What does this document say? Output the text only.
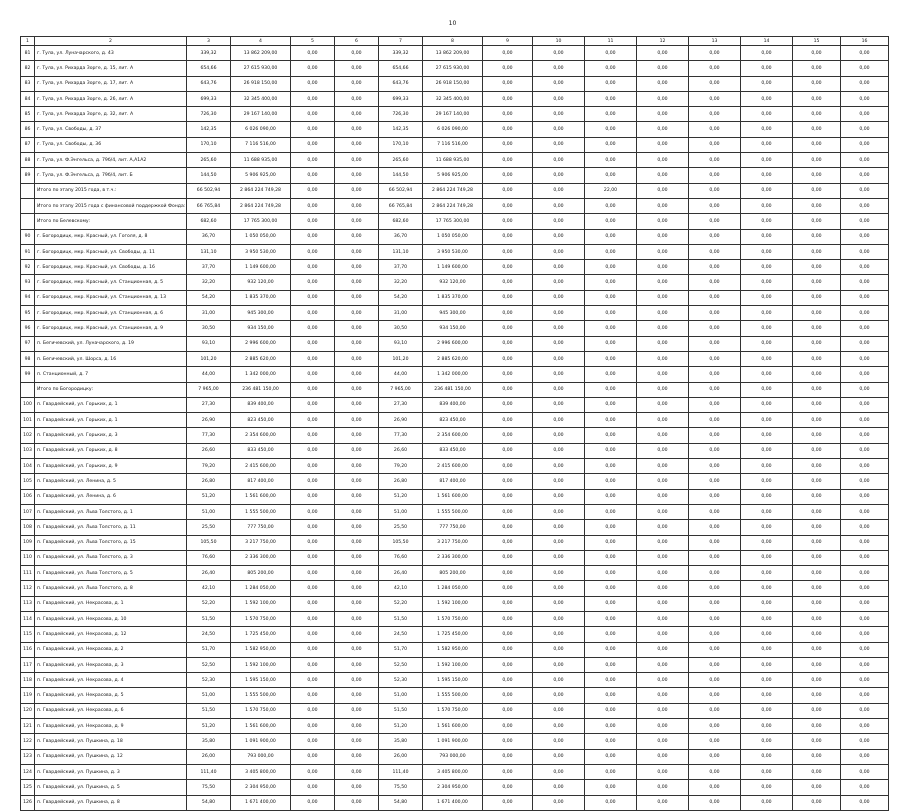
10
1	2	3	4	5	6	7	8	9	10	11	12	13	14	15	16
81	г. Тула, ул. Луначарского, д. 43	339,32	13 862 209,00	0,00	0,00	339,32	13 862 209,00	0,00	0,00	0,00	0,00	0,00	0,00	0,00	0,00
82	г. Тула, ул. Рихарда Зорге, д. 15, лит. А	654,66	27 615 930,00	0,00	0,00	654,66	27 615 930,00	0,00	0,00	0,00	0,00	0,00	0,00	0,00	0,00
83	г. Тула, ул. Рихарда Зорге, д. 17, лит. А	643,76	26 918 150,00	0,00	0,00	643,76	26 918 150,00	0,00	0,00	0,00	0,00	0,00	0,00	0,00	0,00
84	г. Тула, ул. Рихарда Зорге, д. 26, лит. А	699,33	32 345 400,00	0,00	0,00	699,33	32 345 400,00	0,00	0,00	0,00	0,00	0,00	0,00	0,00	0,00
85	г. Тула, ул. Рихарда Зорге, д. 32, лит. А	726,30	29 167 140,00	0,00	0,00	726,30	29 167 140,00	0,00	0,00	0,00	0,00	0,00	0,00	0,00	0,00
86	г. Тула, ул. Свободы, д. 37	142,35	6 026 090,00	0,00	0,00	142,35	6 026 090,00	0,00	0,00	0,00	0,00	0,00	0,00	0,00	0,00
87	г. Тула, ул. Свободы, д. 36	170,10	7 116 516,00	0,00	0,00	170,10	7 116 516,00	0,00	0,00	0,00	0,00	0,00	0,00	0,00	0,00
88	г. Тула, ул. Ф.Энгельса, д. 79б/4, лит. А,А1А2	265,60	11 688 935,00	0,00	0,00	265,60	11 688 935,00	0,00	0,00	0,00	0,00	0,00	0,00	0,00	0,00
89	г. Тула, ул. Ф.Энгельса, д. 79б/4, лит. Б	144,50	5 906 925,00	0,00	0,00	144,50	5 906 925,00	0,00	0,00	0,00	0,00	0,00	0,00	0,00	0,00
	Итого по этапу 2015 года, в т.ч.:	66 502,94	2 864 224 749,28	0,00	0,00	66 502,94	2 864 224 749,28	0,00	0,00	22,00	0,00	0,00	0,00	0,00	0,00
	Итого по этапу 2015 года с финансовой поддержкой Фонда:	66 765,84	2 864 224 749,28	0,00	0,00	66 765,84	2 864 224 749,28	0,00	0,00	0,00	0,00	0,00	0,00	0,00	0,00
	Итого по Белевскому:	682,60	17 765 300,00	0,00	0,00	682,60	17 765 300,00	0,00	0,00	0,00	0,00	0,00	0,00	0,00	0,00
90	г. Богородицк, мкр. Красный, ул. Гоголя, д. 8	36,70	1 050 050,00	0,00	0,00	36,70	1 050 050,00	0,00	0,00	0,00	0,00	0,00	0,00	0,00	0,00
91	г. Богородицк, мкр. Красный, ул. Свободы, д. 11	131,10	3 950 530,00	0,00	0,00	131,10	3 950 530,00	0,00	0,00	0,00	0,00	0,00	0,00	0,00	0,00
92	г. Богородицк, мкр. Красный, ул. Свободы, д. 16	37,70	1 149 600,00	0,00	0,00	37,70	1 149 600,00	0,00	0,00	0,00	0,00	0,00	0,00	0,00	0,00
93	г. Богородицк, мкр. Красный, ул. Станционная, д. 5	32,20	932 120,00	0,00	0,00	32,20	932 120,00	0,00	0,00	0,00	0,00	0,00	0,00	0,00	0,00
94	г. Богородицк, мкр. Красный, ул. Станционная, д. 13	54,20	1 835 370,00	0,00	0,00	54,20	1 835 370,00	0,00	0,00	0,00	0,00	0,00	0,00	0,00	0,00
95	г. Богородицк, мкр. Красный, ул. Станционная, д. 6	31,00	945 300,00	0,00	0,00	31,00	945 300,00	0,00	0,00	0,00	0,00	0,00	0,00	0,00	0,00
96	г. Богородицк, мкр. Красный, ул. Станционная, д. 9	30,50	934 150,00	0,00	0,00	30,50	934 150,00	0,00	0,00	0,00	0,00	0,00	0,00	0,00	0,00
97	п. Бегичевский, ул. Луначарского, д. 19	93,10	2 996 600,00	0,00	0,00	93,10	2 996 600,00	0,00	0,00	0,00	0,00	0,00	0,00	0,00	0,00
98	п. Бегичевский, ул. Шорса, д. 16	101,20	2 885 620,00	0,00	0,00	101,20	2 885 620,00	0,00	0,00	0,00	0,00	0,00	0,00	0,00	0,00
99	п. Станционный, д. 7	44,00	1 342 000,00	0,00	0,00	44,00	1 342 000,00	0,00	0,00	0,00	0,00	0,00	0,00	0,00	0,00
	Итого по Богородицку:	7 965,00	236 481 150,00	0,00	0,00	7 965,00	236 481 150,00	0,00	0,00	0,00	0,00	0,00	0,00	0,00	0,00
100	п. Гвардейский, ул. Горьких, д. 1	27,30	839 400,00	0,00	0,00	27,30	839 400,00	0,00	0,00	0,00	0,00	0,00	0,00	0,00	0,00
101	п. Гвардейский, ул. Горьких, д. 1	26,90	823 450,00	0,00	0,00	26,90	823 450,00	0,00	0,00	0,00	0,00	0,00	0,00	0,00	0,00
102	п. Гвардейский, ул. Горьких, д. 3	77,30	2 354 600,00	0,00	0,00	77,30	2 354 600,00	0,00	0,00	0,00	0,00	0,00	0,00	0,00	0,00
103	п. Гвардейский, ул. Горьких, д. 8	26,60	833 450,00	0,00	0,00	26,60	833 450,00	0,00	0,00	0,00	0,00	0,00	0,00	0,00	0,00
104	п. Гвардейский, ул. Горьких, д. 9	79,20	2 415 600,00	0,00	0,00	79,20	2 415 600,00	0,00	0,00	0,00	0,00	0,00	0,00	0,00	0,00
105	п. Гвардейский, ул. Ленина, д. 5	26,80	817 400,00	0,00	0,00	26,80	817 400,00	0,00	0,00	0,00	0,00	0,00	0,00	0,00	0,00
106	п. Гвардейский, ул. Ленина, д. 6	51,20	1 561 600,00	0,00	0,00	51,20	1 561 600,00	0,00	0,00	0,00	0,00	0,00	0,00	0,00	0,00
107	п. Гвардейский, ул. Льва Толстого, д. 1	51,00	1 555 500,00	0,00	0,00	51,00	1 555 500,00	0,00	0,00	0,00	0,00	0,00	0,00	0,00	0,00
108	п. Гвардейский, ул. Льва Толстого, д. 11	25,50	777 750,00	0,00	0,00	25,50	777 750,00	0,00	0,00	0,00	0,00	0,00	0,00	0,00	0,00
109	п. Гвардейский, ул. Льва Толстого, д. 15	105,50	3 217 750,00	0,00	0,00	105,50	3 217 750,00	0,00	0,00	0,00	0,00	0,00	0,00	0,00	0,00
110	п. Гвардейский, ул. Льва Толстого, д. 3	76,60	2 336 300,00	0,00	0,00	76,60	2 336 300,00	0,00	0,00	0,00	0,00	0,00	0,00	0,00	0,00
111	п. Гвардейский, ул. Льва Толстого, д. 5	26,40	805 200,00	0,00	0,00	26,40	805 200,00	0,00	0,00	0,00	0,00	0,00	0,00	0,00	0,00
112	п. Гвардейский, ул. Льва Толстого, д. 8	42,10	1 284 050,00	0,00	0,00	42,10	1 284 050,00	0,00	0,00	0,00	0,00	0,00	0,00	0,00	0,00
113	п. Гвардейский, ул. Некрасова, д. 1	52,20	1 592 100,00	0,00	0,00	52,20	1 592 100,00	0,00	0,00	0,00	0,00	0,00	0,00	0,00	0,00
114	п. Гвардейский, ул. Некрасова, д. 10	51,50	1 570 750,00	0,00	0,00	51,50	1 570 750,00	0,00	0,00	0,00	0,00	0,00	0,00	0,00	0,00
115	п. Гвардейский, ул. Некрасова, д. 12	24,50	1 725 450,00	0,00	0,00	24,50	1 725 450,00	0,00	0,00	0,00	0,00	0,00	0,00	0,00	0,00
116	п. Гвардейский, ул. Некрасова, д. 2	51,70	1 582 950,00	0,00	0,00	51,70	1 582 950,00	0,00	0,00	0,00	0,00	0,00	0,00	0,00	0,00
117	п. Гвардейский, ул. Некрасова, д. 3	52,50	1 592 100,00	0,00	0,00	52,50	1 592 100,00	0,00	0,00	0,00	0,00	0,00	0,00	0,00	0,00
118	п. Гвардейский, ул. Некрасова, д. 4	52,30	1 595 150,00	0,00	0,00	52,30	1 595 150,00	0,00	0,00	0,00	0,00	0,00	0,00	0,00	0,00
119	п. Гвардейский, ул. Некрасова, д. 5	51,00	1 555 500,00	0,00	0,00	51,00	1 555 500,00	0,00	0,00	0,00	0,00	0,00	0,00	0,00	0,00
120	п. Гвардейский, ул. Некрасова, д. 6	51,50	1 570 750,00	0,00	0,00	51,50	1 570 750,00	0,00	0,00	0,00	0,00	0,00	0,00	0,00	0,00
121	п. Гвардейский, ул. Некрасова, д. 9	51,20	1 561 600,00	0,00	0,00	51,20	1 561 600,00	0,00	0,00	0,00	0,00	0,00	0,00	0,00	0,00
122	п. Гвардейский, ул. Пушкина, д. 18	35,80	1 091 900,00	0,00	0,00	35,80	1 091 900,00	0,00	0,00	0,00	0,00	0,00	0,00	0,00	0,00
123	п. Гвардейский, ул. Пушкина, д. 12	26,00	793 000,00	0,00	0,00	26,00	793 000,00	0,00	0,00	0,00	0,00	0,00	0,00	0,00	0,00
124	п. Гвардейский, ул. Пушкина, д. 3	111,40	3 405 800,00	0,00	0,00	111,40	3 405 800,00	0,00	0,00	0,00	0,00	0,00	0,00	0,00	0,00
125	п. Гвардейский, ул. Пушкина, д. 5	75,50	2 304 950,00	0,00	0,00	75,50	2 304 950,00	0,00	0,00	0,00	0,00	0,00	0,00	0,00	0,00
126	п. Гвардейский, ул. Пушкина, д. 8	54,80	1 671 400,00	0,00	0,00	54,80	1 671 400,00	0,00	0,00	0,00	0,00	0,00	0,00	0,00	0,00
